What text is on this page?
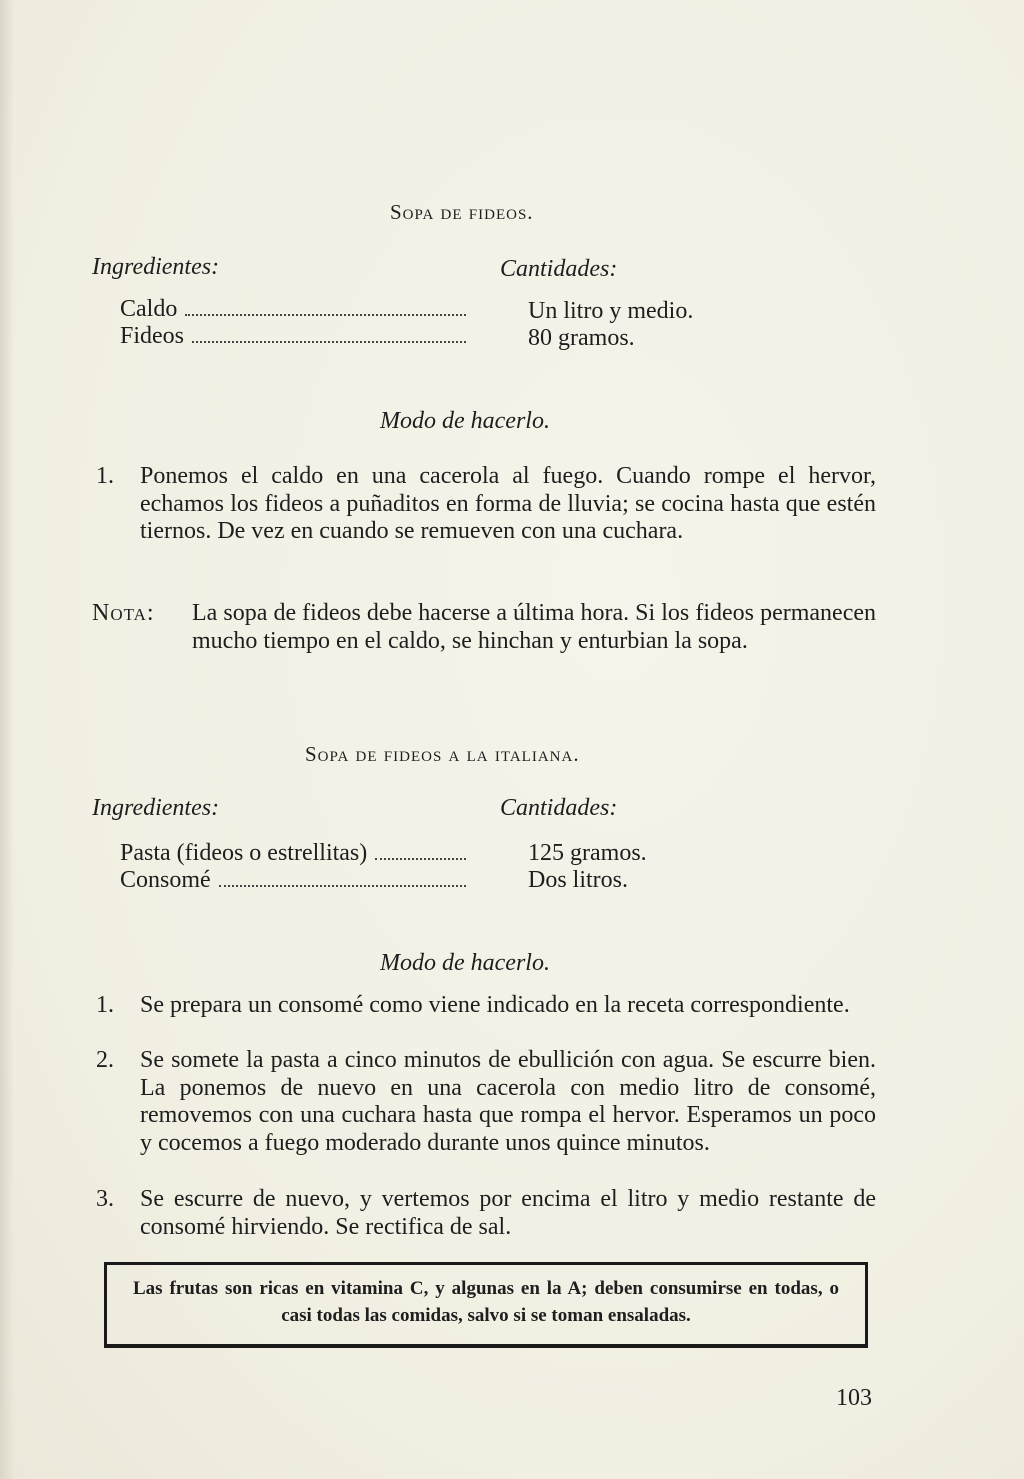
Sopa de fideos.
Ingredientes:	Cantidades:
Caldo	Un litro y medio.
Fideos	80 gramos.
Modo de hacerlo.
1.	Ponemos el caldo en una cacerola al fuego. Cuando rompe el hervor, echamos los fideos a puñaditos en forma de lluvia; se cocina hasta que estén tiernos. De vez en cuando se remueven con una cuchara.
Nota: La sopa de fideos debe hacerse a última hora. Si los fideos permanecen mucho tiempo en el caldo, se hinchan y enturbian la sopa.
Sopa de fideos a la italiana.
Ingredientes:	Cantidades:
Pasta (fideos o estrellitas)	125 gramos.
Consomé	Dos litros.
Modo de hacerlo.
1.	Se prepara un consomé como viene indicado en la receta correspondiente.
2.	Se somete la pasta a cinco minutos de ebullición con agua. Se escurre bien. La ponemos de nuevo en una cacerola con medio litro de consomé, removemos con una cuchara hasta que rompa el hervor. Esperamos un poco y cocemos a fuego moderado durante unos quince minutos.
3.	Se escurre de nuevo, y vertemos por encima el litro y medio restante de consomé hirviendo. Se rectifica de sal.
Las frutas son ricas en vitamina C, y algunas en la A; deben consumirse en todas, o casi todas las comidas, salvo si se toman ensaladas.
103
